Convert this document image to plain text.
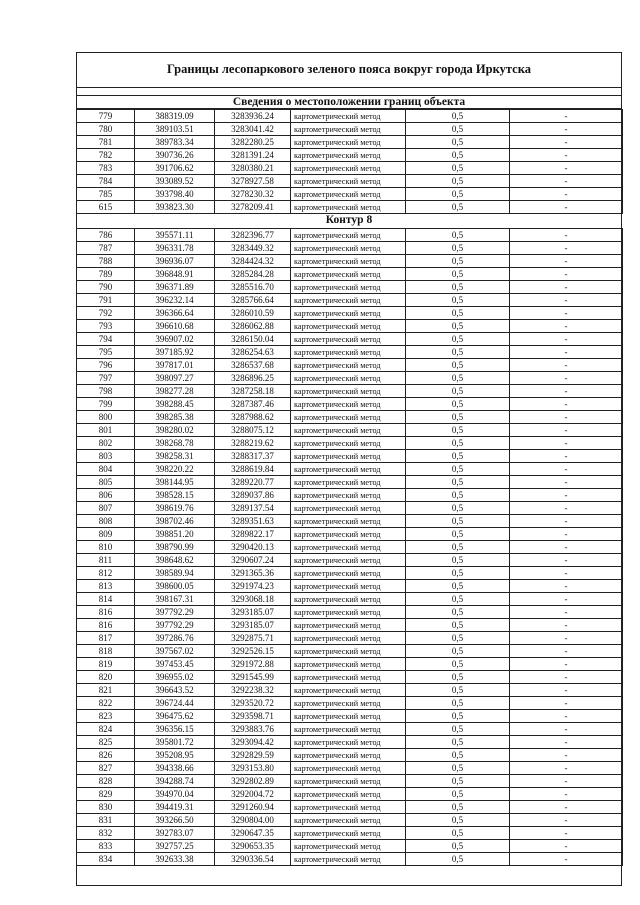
Границы лесопаркового зеленого пояса вокруг города Иркутска
Сведения о местоположении границ объекта
779	388319.09	3283936.24	картометрический метод	0,5	-
780	389103.51	3283041.42	картометрический метод	0,5	-
781	389783.34	3282280.25	картометрический метод	0,5	-
782	390736.26	3281391.24	картометрический метод	0,5	-
783	391706.62	3280380.21	картометрический метод	0,5	-
784	393089.52	3278927.58	картометрический метод	0,5	-
785	393798.40	3278230.32	картометрический метод	0,5	-
615	393823.30	3278209.41	картометрический метод	0,5	-
Контур 8
786	395571.11	3282396.77	картометрический метод	0,5	-
787	396331.78	3283449.32	картометрический метод	0,5	-
788	396936.07	3284424.32	картометрический метод	0,5	-
789	396848.91	3285284.28	картометрический метод	0,5	-
790	396371.89	3285516.70	картометрический метод	0,5	-
791	396232.14	3285766.64	картометрический метод	0,5	-
792	396366.64	3286010.59	картометрический метод	0,5	-
793	396610.68	3286062.88	картометрический метод	0,5	-
794	396907.02	3286150.04	картометрический метод	0,5	-
795	397185.92	3286254.63	картометрический метод	0,5	-
796	397817.01	3286537.68	картометрический метод	0,5	-
797	398097.27	3286896.25	картометрический метод	0,5	-
798	398277.28	3287258.18	картометрический метод	0,5	-
799	398288.45	3287387.46	картометрический метод	0,5	-
800	398285.38	3287988.62	картометрический метод	0,5	-
801	398280.02	3288075.12	картометрический метод	0,5	-
802	398268.78	3288219.62	картометрический метод	0,5	-
803	398258.31	3288317.37	картометрический метод	0,5	-
804	398220.22	3288619.84	картометрический метод	0,5	-
805	398144.95	3289220.77	картометрический метод	0,5	-
806	398528.15	3289037.86	картометрический метод	0,5	-
807	398619.76	3289137.54	картометрический метод	0,5	-
808	398702.46	3289351.63	картометрический метод	0,5	-
809	398851.20	3289822.17	картометрический метод	0,5	-
810	398790.99	3290420.13	картометрический метод	0,5	-
811	398648.62	3290607.24	картометрический метод	0,5	-
812	398589.94	3291365.36	картометрический метод	0,5	-
813	398600.05	3291974.23	картометрический метод	0,5	-
814	398167.31	3293068.18	картометрический метод	0,5	-
816	397792.29	3293185.07	картометрический метод	0,5	-
816	397792.29	3293185.07	картометрический метод	0,5	-
817	397286.76	3292875.71	картометрический метод	0,5	-
818	397567.02	3292526.15	картометрический метод	0,5	-
819	397453.45	3291972.88	картометрический метод	0,5	-
820	396955.02	3291545.99	картометрический метод	0,5	-
821	396643.52	3292238.32	картометрический метод	0,5	-
822	396724.44	3293520.72	картометрический метод	0,5	-
823	396475.62	3293598.71	картометрический метод	0,5	-
824	396356.15	3293883.76	картометрический метод	0,5	-
825	395801.72	3293094.42	картометрический метод	0,5	-
826	395208.95	3292829.59	картометрический метод	0,5	-
827	394338.66	3293153.80	картометрический метод	0,5	-
828	394288.74	3292802.89	картометрический метод	0,5	-
829	394970.04	3292004.72	картометрический метод	0,5	-
830	394419.31	3291260.94	картометрический метод	0,5	-
831	393266.50	3290804.00	картометрический метод	0,5	-
832	392783.07	3290647.35	картометрический метод	0,5	-
833	392757.25	3290653.35	картометрический метод	0,5	-
834	392633.38	3290336.54	картометрический метод	0,5	-
